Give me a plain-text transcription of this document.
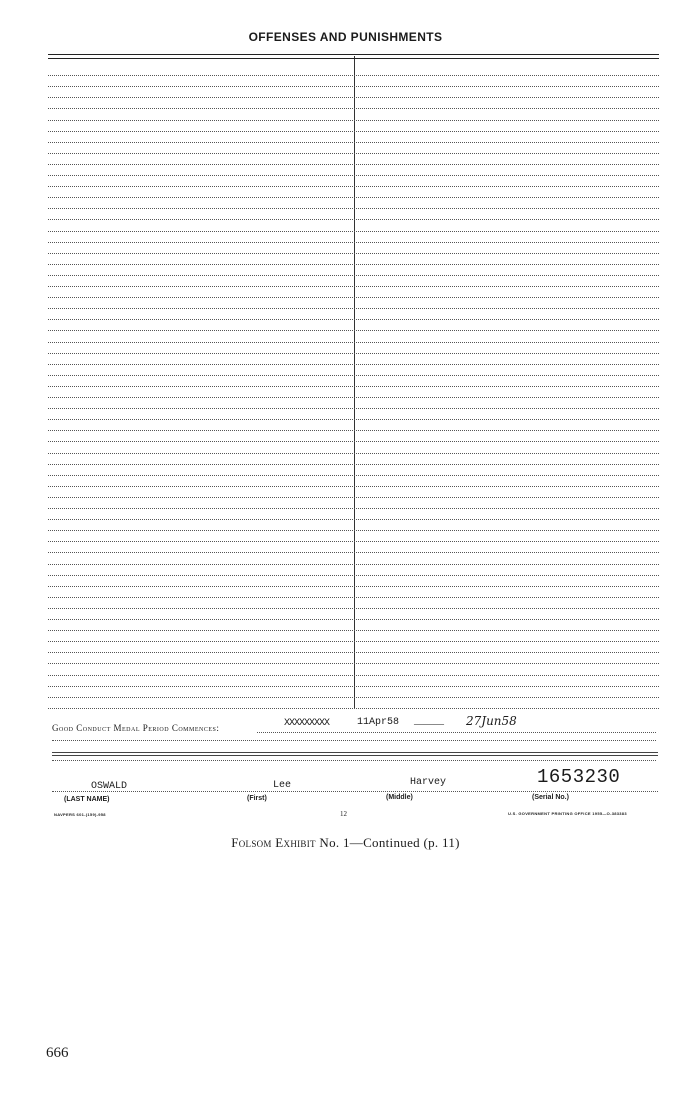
OFFENSES AND PUNISHMENTS
Good Conduct Medal Period Commences:	XXXXXXXXX	11Apr58 ——— 27Jun58
OSWALD	Lee	Harvey	1653230
(LAST NAME)	(First)	(Middle)	(Serial No.)
NAVPERS 601-(159)-958	12	U.S. GOVERNMENT PRINTING OFFICE 1955—O-383383
Folsom Exhibit No. 1—Continued (p. 11)
666
